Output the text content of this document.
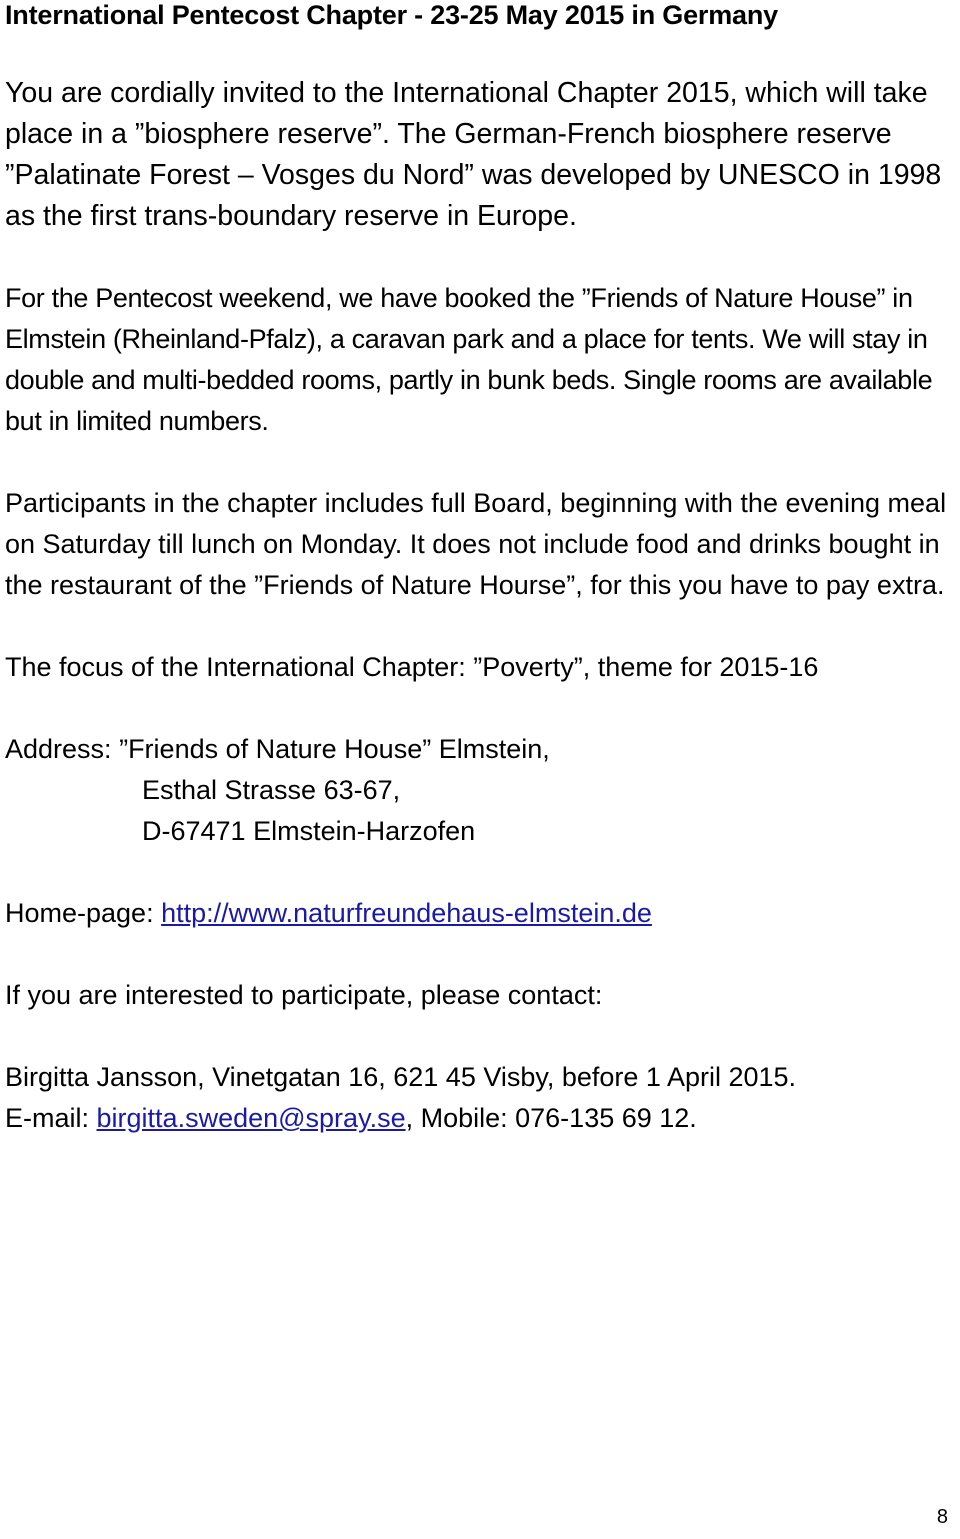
International Pentecost Chapter - 23-25 May 2015 in Germany

You are cordially invited to the International Chapter 2015, which will take place in a ”biosphere reserve”. The German-French biosphere reserve ”Palatinate Forest – Vosges du Nord” was developed by UNESCO in 1998 as the first trans-boundary reserve in Europe.

For the Pentecost weekend, we have booked the ”Friends of Nature House” in Elmstein (Rheinland-Pfalz), a caravan park and a place for tents. We will stay in double and multi-bedded rooms, partly in bunk beds. Single rooms are available but in limited numbers.

Participants in the chapter includes full Board, beginning with the evening meal on Saturday till lunch on Monday. It does not include food and drinks bought in the restaurant of the ”Friends of Nature Hourse”, for this you have to pay extra.

The focus of the International Chapter: ”Poverty”, theme for 2015-16

Address: ”Friends of Nature House” Elmstein,
Esthal Strasse 63-67,
D-67471 Elmstein-Harzofen

Home-page: http://www.naturfreundehaus-elmstein.de

If you are interested to participate, please contact:

Birgitta Jansson, Vinetgatan 16, 621 45 Visby, before 1 April 2015.
E-mail: birgitta.sweden@spray.se, Mobile: 076-135 69 12.
8
